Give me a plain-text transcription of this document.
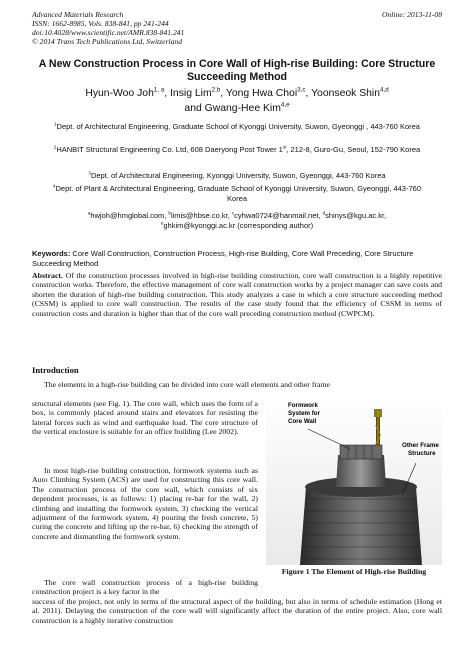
Advanced Materials Research
ISSN: 1662-8985, Vols. 838-841, pp 241-244
doi:10.4028/www.scientific.net/AMR.838-841.241
© 2014 Trans Tech Publications Ltd, Switzerland
Online: 2013-11-08
A New Construction Process in Core Wall of High-rise Building: Core Structure Succeeding Method
Hyun-Woo Joh$^{1, a}$, Insig Lim$^{2,b}$, Yong Hwa Choi$^{3,c}$, Yoonseok Shin$^{4,d}$
and Gwang-Hee Kim$^{4,e}$
$^1$Dept. of Architectural Engineering, Graduate School of Kyonggi University, Suwon, Gyeonggi , 443-760 Korea
$^2$HANBIT Structural Engineering Co. Ltd, 608 Daeryong Post Tower 1st, 212-8, Guro-Gu, Seoul, 152-790 Korea
$^3$Dept. of Architectural Engineering, Kyonggi University, Suwon, Gyeonggi, 443-760 Korea
$^4$Dept. of Plant & Architectural Engineering, Graduate School of Kyonggi University, Suwon, Gyeonggi, 443-760 Korea
$^a$hwjoh@hmglobal.com, $^b$limis@hbse.co.kr, $^c$cyhwa0724@hanmail.net, $^d$shinys@kgu.ac.kr,
$^e$ghkim@kyonggi.ac.kr (corresponding author)
Keywords: Core Wall Construction, Construction Process, High-rise Building, Core Wall Preceding, Core Structure Succeeding Method
Abstract. Of the construction processes involved in high-rise building construction, core wall construction is a highly repetitive construction works. Therefore, the effective management of core wall construction works by a project manager can save costs and shorten the duration of high-rise building construction. This study analyzes a case in which a core structure succeeding method (CSSM) is applied to core wall construction. The results of the case study found that the efficiency of CSSM in terms of construction costs and duration is higher than that of the core wall preceding construction method (CWPCM).
Introduction
The elements in a high-rise building can be divided into core wall elements and other frame
structural elements (see Fig. 1). The core wall, which uses the form of a box, is commonly placed around stairs and elevators for resisting the lateral forces such as wind and earthquake load. The core structure of the vertical enclosure is suitable for an office building (Lee 2002).
In most high-rise building construction, formwork systems such as Auto Climbing System (ACS) are used for constructing this core wall. The construction process of the core wall, which consists of six dependent processes, is as follows: 1) placing re-bar for the wall, 2) climbing and installing the formwork system, 3) checking the vertical adjustment of the formwork system, 4) pouring the fresh concrete, 5) curing the concrete and lifting up the re-bar, 6) checking the strength of concrete and dismantling the formwork system.
The core wall construction process of a high-rise building construction project is a key factor in the
success of the project, not only in terms of the structural aspect of the building, but also in terms of schedule estimation (Hong et al. 2011). Delaying the construction of the core wall will significantly affect the duration of the entire project. Also, core wall construction is a highly iterative construction
Formwork
System for
Core Wall
Other Frame
Structure
Figure 1 The Element of High-rise Building
